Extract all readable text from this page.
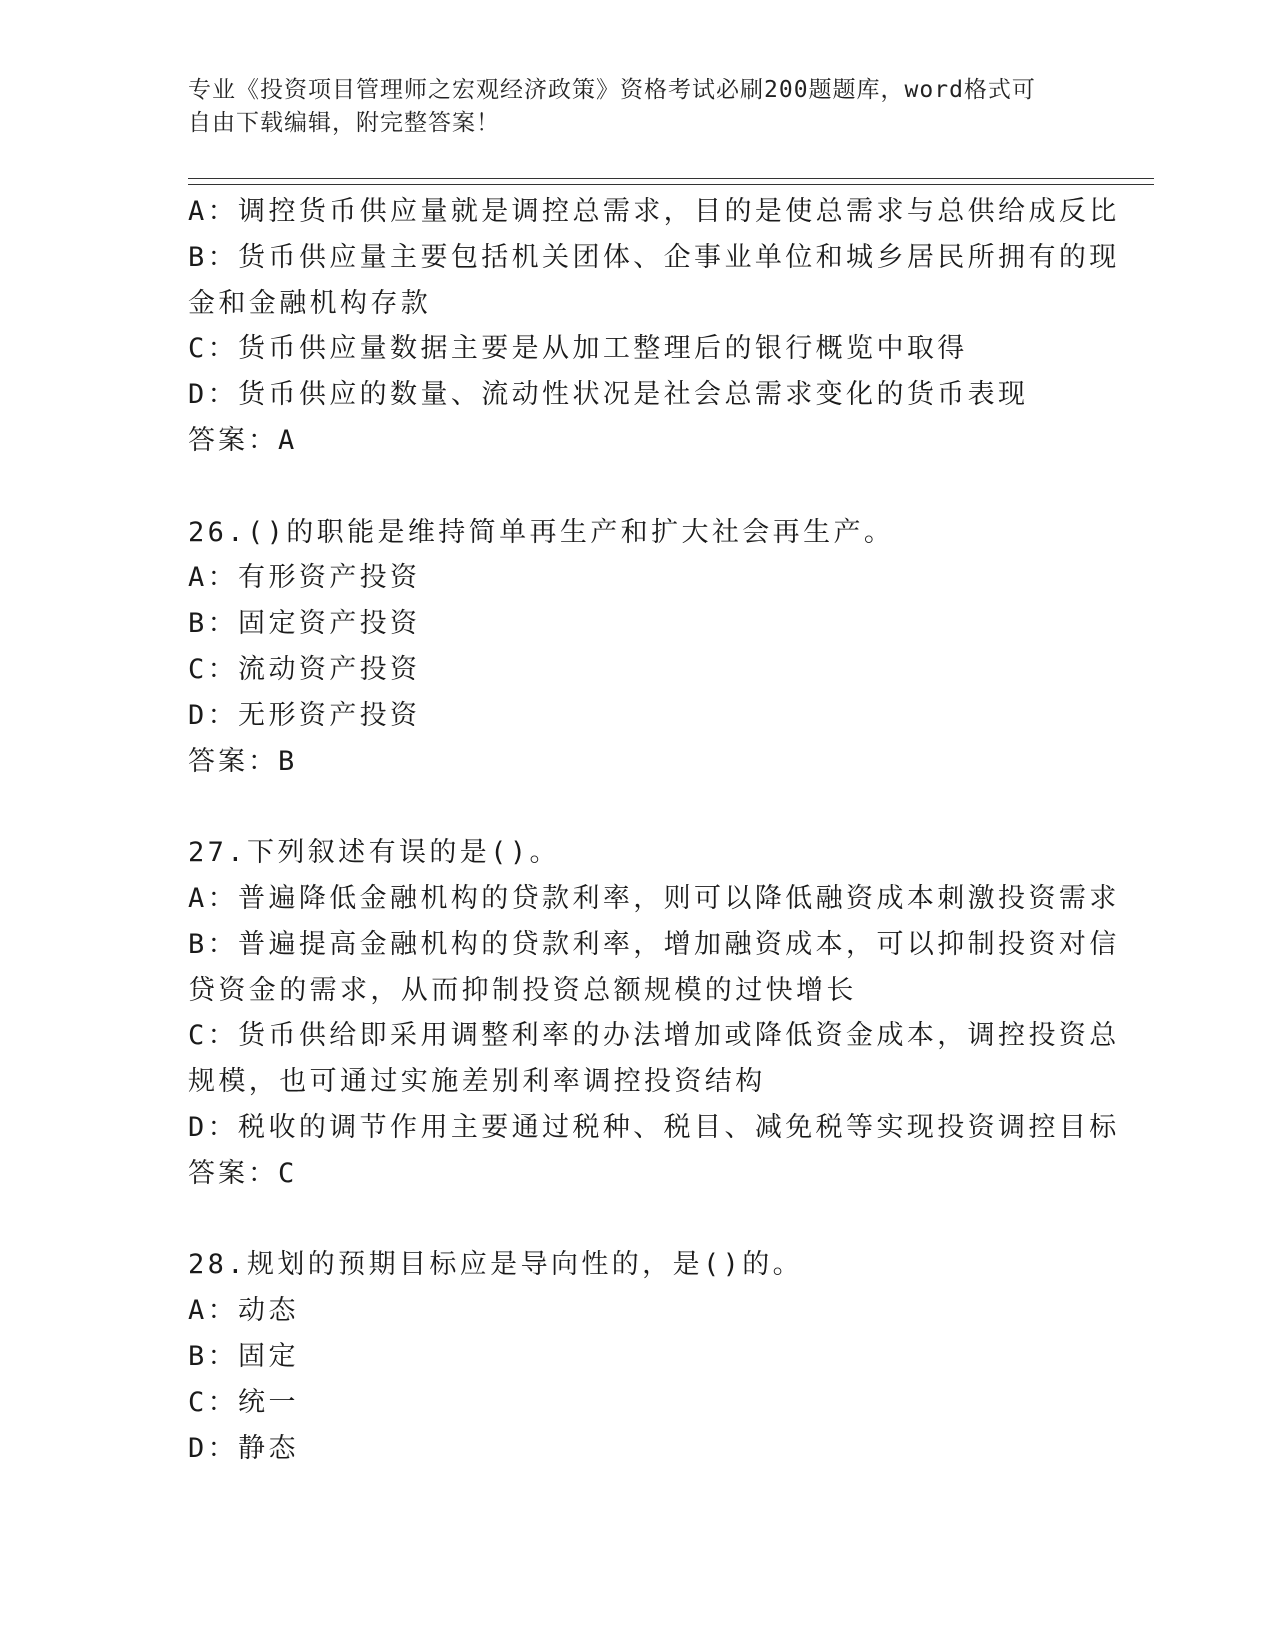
专业《投资项目管理师之宏观经济政策》资格考试必刷200题题库，word格式可
自由下载编辑，附完整答案！
A：调控货币供应量就是调控总需求，目的是使总需求与总供给成反比
B：货币供应量主要包括机关团体、企事业单位和城乡居民所拥有的现
金和金融机构存款
C：货币供应量数据主要是从加工整理后的银行概览中取得
D：货币供应的数量、流动性状况是社会总需求变化的货币表现
答案：A
26.()的职能是维持简单再生产和扩大社会再生产。
A：有形资产投资
B：固定资产投资
C：流动资产投资
D：无形资产投资
答案：B
27.下列叙述有误的是()。
A：普遍降低金融机构的贷款利率，则可以降低融资成本刺激投资需求
B：普遍提高金融机构的贷款利率，增加融资成本，可以抑制投资对信
贷资金的需求，从而抑制投资总额规模的过快增长
C：货币供给即采用调整利率的办法增加或降低资金成本，调控投资总
规模，也可通过实施差别利率调控投资结构
D：税收的调节作用主要通过税种、税目、减免税等实现投资调控目标
答案：C
28.规划的预期目标应是导向性的，是()的。
A：动态
B：固定
C：统一
D：静态
